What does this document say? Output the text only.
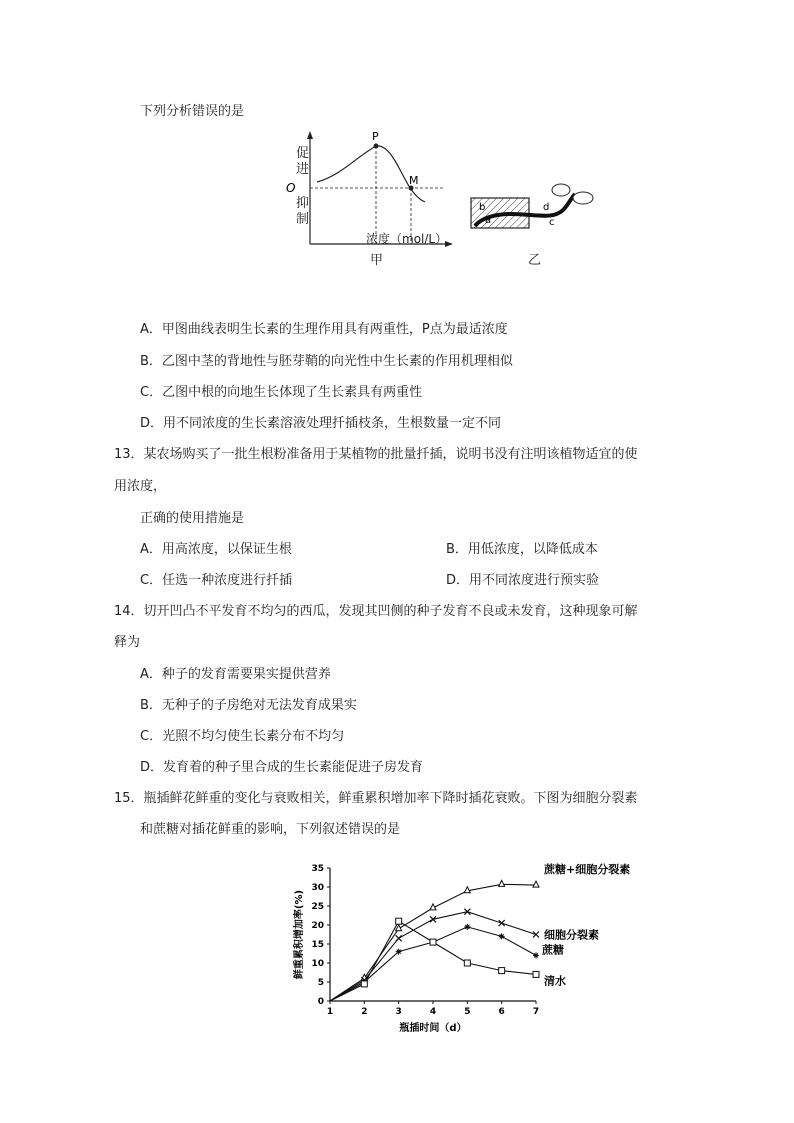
下列分析错误的是
P
M
O
促进
抑制
浓度（mol/L）
甲
b
a
d
c
乙
A．甲图曲线表明生长素的生理作用具有两重性，P点为最适浓度
B．乙图中茎的背地性与胚芽鞘的向光性中生长素的作用机理相似
C．乙图中根的向地生长体现了生长素具有两重性
D．用不同浓度的生长素溶液处理扦插枝条，生根数量一定不同
13．某农场购买了一批生根粉准备用于某植物的批量扦插，说明书没有注明该植物适宜的使
用浓度，
正确的使用措施是
A．用高浓度，以保证生根	B．用低浓度，以降低成本
C．任选一种浓度进行扦插	D．用不同浓度进行预实验
14．切开凹凸不平发育不均匀的西瓜，发现其凹侧的种子发育不良或未发育，这种现象可解
释为
A．种子的发育需要果实提供营养
B．无种子的子房绝对无法发育成果实
C．光照不均匀使生长素分布不均匀
D．发育着的种子里合成的生长素能促进子房发育
15．瓶插鲜花鲜重的变化与衰败相关，鲜重累积增加率下降时插花衰败。下图为细胞分裂素
和蔗糖对插花鲜重的影响，下列叙述错误的是
0
5
10
15
20
25
30
35
1	2	3	4	5	6	7
瓶插时间（d）
鲜重累积增加率(%)
蔗糖+细胞分裂素
细胞分裂素
蔗糖
清水
